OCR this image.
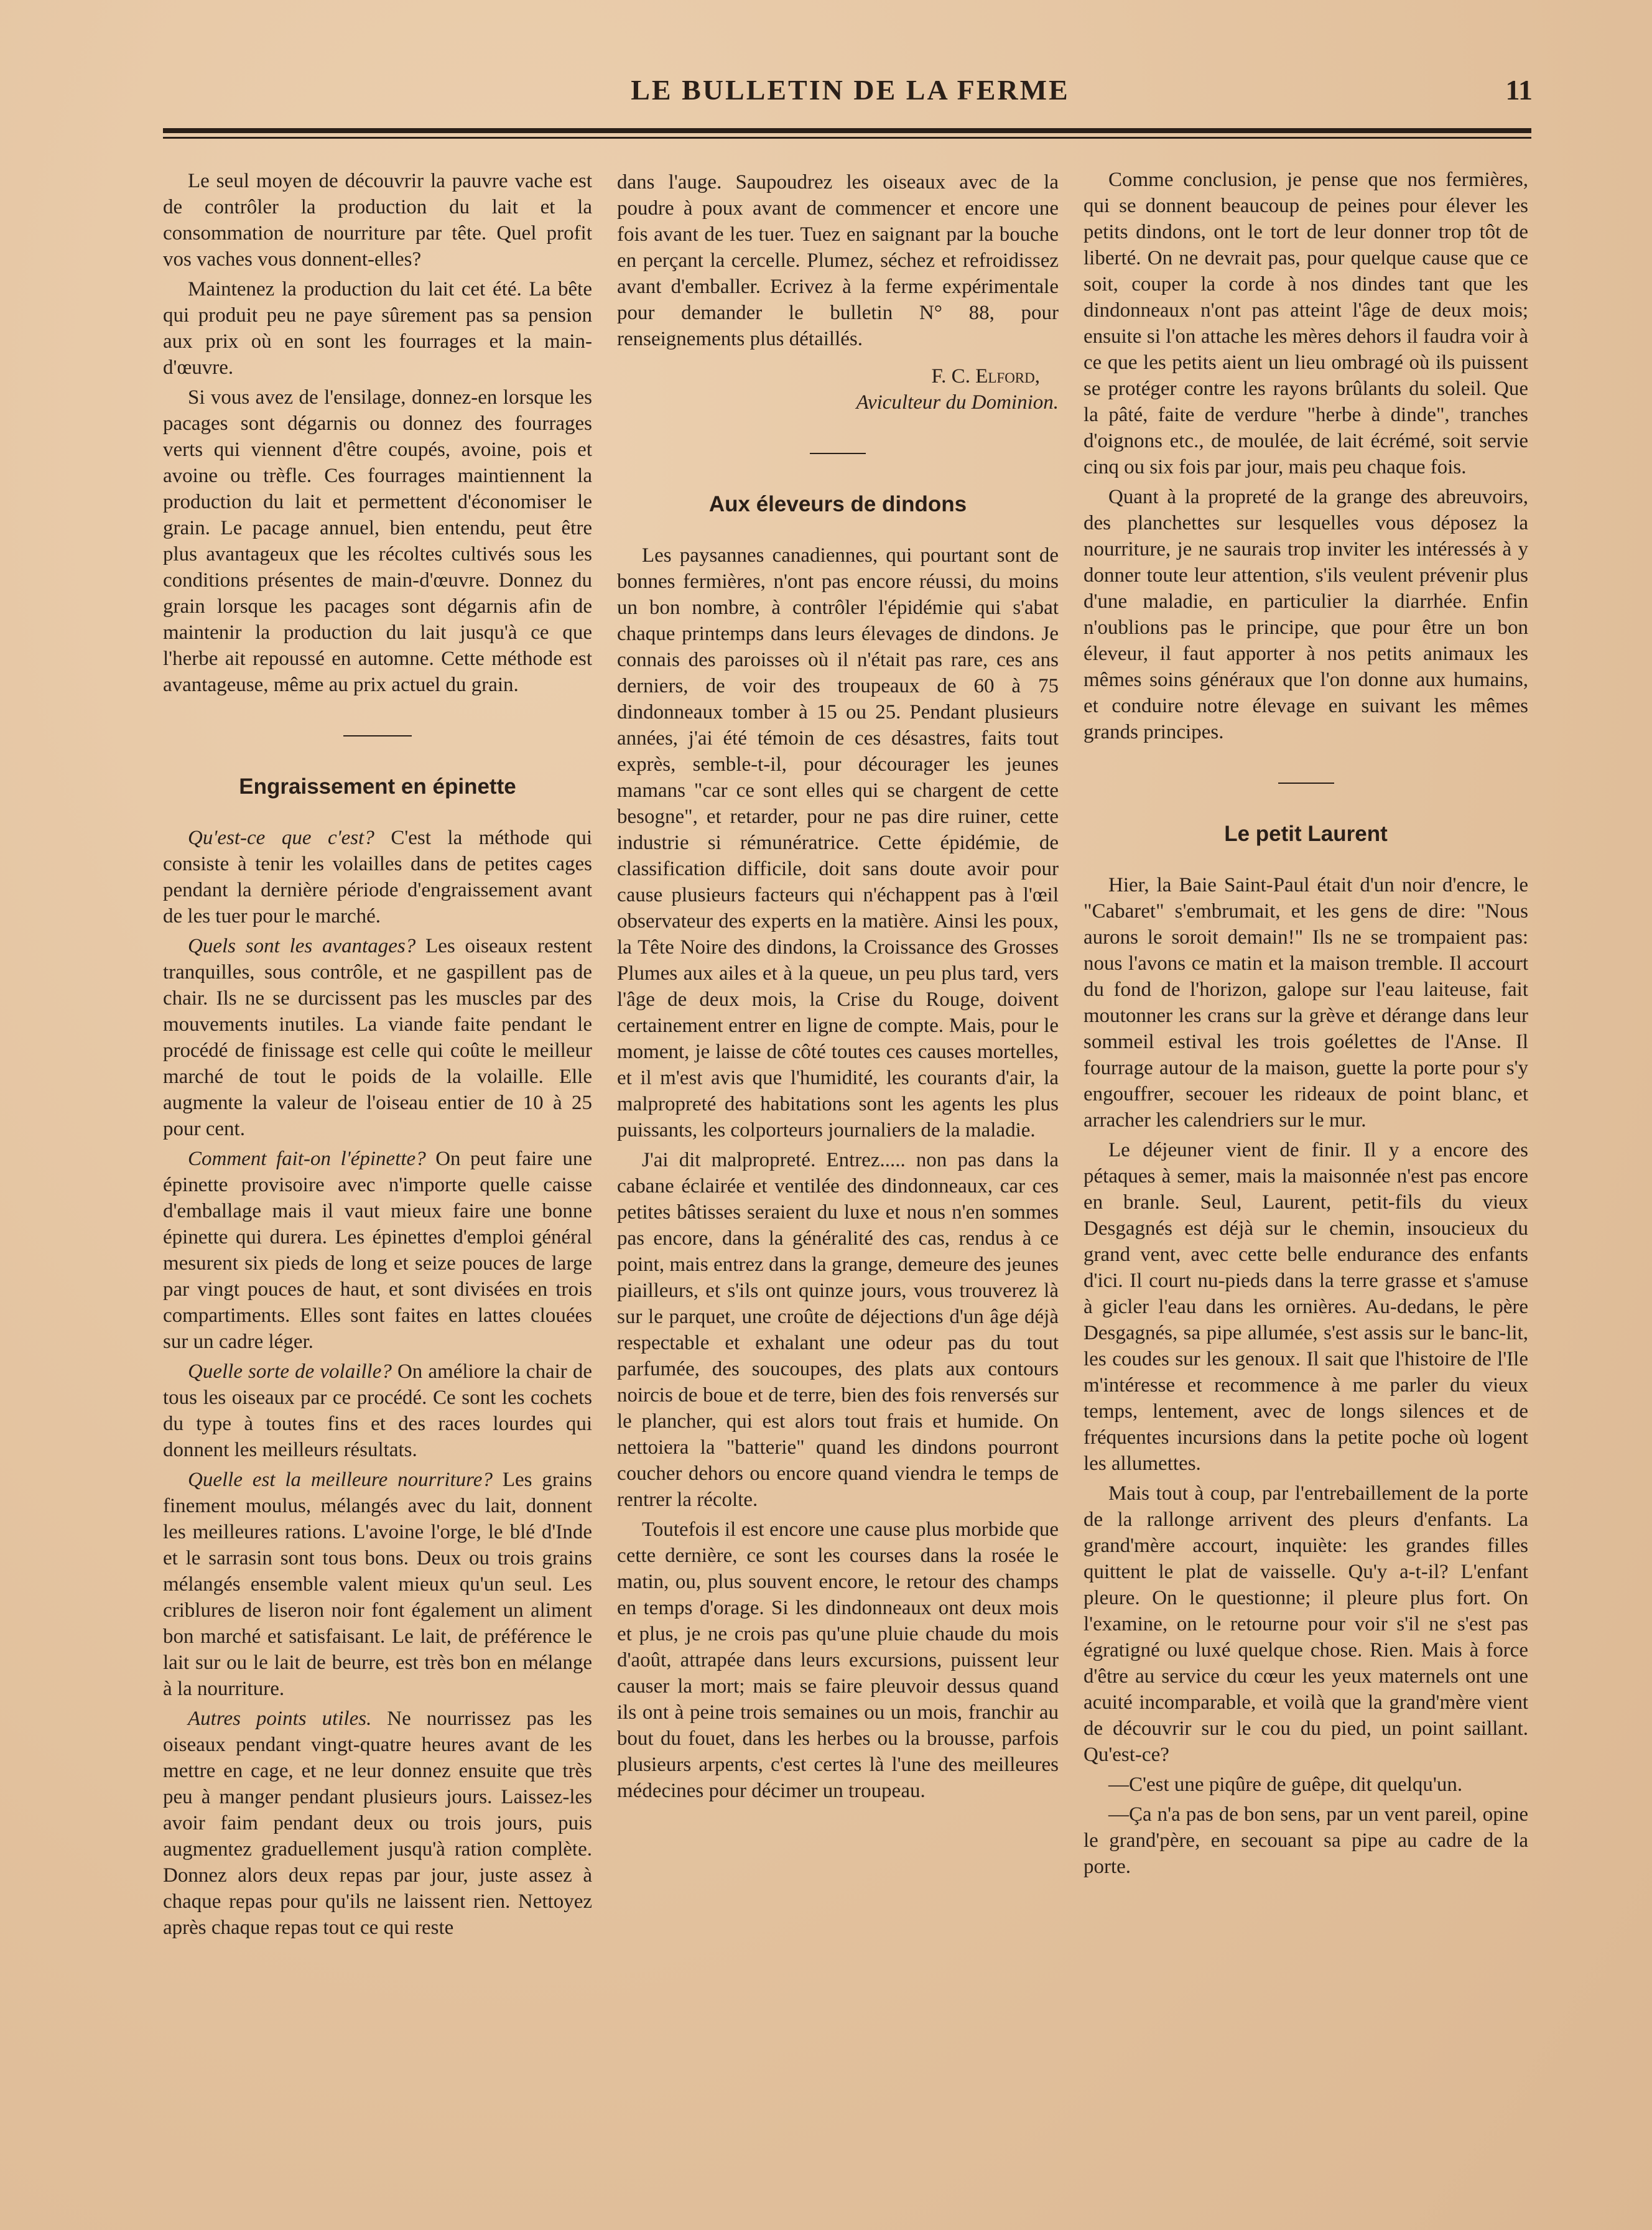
LE BULLETIN DE LA FERME	11

Le seul moyen de découvrir la pauvre vache est de contrôler la production du lait et la consommation de nourriture par tête. Quel profit vos vaches vous donnent-elles?

Maintenez la production du lait cet été. La bête qui produit peu ne paye sûrement pas sa pension aux prix où en sont les fourrages et la main-d'œuvre.

Si vous avez de l'ensilage, donnez-en lorsque les pacages sont dégarnis ou donnez des fourrages verts qui viennent d'être coupés, avoine, pois et avoine ou trèfle. Ces fourrages maintiennent la production du lait et permettent d'économiser le grain. Le pacage annuel, bien entendu, peut être plus avantageux que les récoltes cultivés sous les conditions présentes de main-d'œuvre. Donnez du grain lorsque les pacages sont dégarnis afin de maintenir la production du lait jusqu'à ce que l'herbe ait repoussé en automne. Cette méthode est avantageuse, même au prix actuel du grain.

Engraissement en épinette

Qu'est-ce que c'est? C'est la méthode qui consiste à tenir les volailles dans de petites cages pendant la dernière période d'engraissement avant de les tuer pour le marché.

Quels sont les avantages? Les oiseaux restent tranquilles, sous contrôle, et ne gaspillent pas de chair. Ils ne se durcissent pas les muscles par des mouvements inutiles. La viande faite pendant le procédé de finissage est celle qui coûte le meilleur marché de tout le poids de la volaille. Elle augmente la valeur de l'oiseau entier de 10 à 25 pour cent.

Comment fait-on l'épinette? On peut faire une épinette provisoire avec n'importe quelle caisse d'emballage mais il vaut mieux faire une bonne épinette qui durera. Les épinettes d'emploi général mesurent six pieds de long et seize pouces de large par vingt pouces de haut, et sont divisées en trois compartiments. Elles sont faites en lattes clouées sur un cadre léger.

Quelle sorte de volaille? On améliore la chair de tous les oiseaux par ce procédé. Ce sont les cochets du type à toutes fins et des races lourdes qui donnent les meilleurs résultats.

Quelle est la meilleure nourriture? Les grains finement moulus, mélangés avec du lait, donnent les meilleures rations. L'avoine l'orge, le blé d'Inde et le sarrasin sont tous bons. Deux ou trois grains mélangés ensemble valent mieux qu'un seul. Les criblures de liseron noir font également un aliment bon marché et satisfaisant. Le lait, de préférence le lait sur ou le lait de beurre, est très bon en mélange à la nourriture.

Autres points utiles. Ne nourrissez pas les oiseaux pendant vingt-quatre heures avant de les mettre en cage, et ne leur donnez ensuite que très peu à manger pendant plusieurs jours. Laissez-les avoir faim pendant deux ou trois jours, puis augmentez graduellement jusqu'à ration complète. Donnez alors deux repas par jour, juste assez à chaque repas pour qu'ils ne laissent rien. Nettoyez après chaque repas tout ce qui reste

dans l'auge. Saupoudrez les oiseaux avec de la poudre à poux avant de commencer et encore une fois avant de les tuer. Tuez en saignant par la bouche en perçant la cercelle. Plumez, séchez et refroidissez avant d'emballer. Ecrivez à la ferme expérimentale pour demander le bulletin N° 88, pour renseignements plus détaillés.

F. C. Elford,

Aviculteur du Dominion.

Aux éleveurs de dindons

Les paysannes canadiennes, qui pourtant sont de bonnes fermières, n'ont pas encore réussi, du moins un bon nombre, à contrôler l'épidémie qui s'abat chaque printemps dans leurs élevages de dindons. Je connais des paroisses où il n'était pas rare, ces ans derniers, de voir des troupeaux de 60 à 75 dindonneaux tomber à 15 ou 25. Pendant plusieurs années, j'ai été témoin de ces désastres, faits tout exprès, semble-t-il, pour décourager les jeunes mamans "car ce sont elles qui se chargent de cette besogne", et retarder, pour ne pas dire ruiner, cette industrie si rémunératrice. Cette épidémie, de classification difficile, doit sans doute avoir pour cause plusieurs facteurs qui n'échappent pas à l'œil observateur des experts en la matière. Ainsi les poux, la Tête Noire des dindons, la Croissance des Grosses Plumes aux ailes et à la queue, un peu plus tard, vers l'âge de deux mois, la Crise du Rouge, doivent certainement entrer en ligne de compte. Mais, pour le moment, je laisse de côté toutes ces causes mortelles, et il m'est avis que l'humidité, les courants d'air, la malpropreté des habitations sont les agents les plus puissants, les colporteurs journaliers de la maladie.

J'ai dit malpropreté. Entrez..... non pas dans la cabane éclairée et ventilée des dindonneaux, car ces petites bâtisses seraient du luxe et nous n'en sommes pas encore, dans la généralité des cas, rendus à ce point, mais entrez dans la grange, demeure des jeunes piailleurs, et s'ils ont quinze jours, vous trouverez là sur le parquet, une croûte de déjections d'un âge déjà respectable et exhalant une odeur pas du tout parfumée, des soucoupes, des plats aux contours noircis de boue et de terre, bien des fois renversés sur le plancher, qui est alors tout frais et humide. On nettoiera la "batterie" quand les dindons pourront coucher dehors ou encore quand viendra le temps de rentrer la récolte.

Toutefois il est encore une cause plus morbide que cette dernière, ce sont les courses dans la rosée le matin, ou, plus souvent encore, le retour des champs en temps d'orage. Si les dindonneaux ont deux mois et plus, je ne crois pas qu'une pluie chaude du mois d'août, attrapée dans leurs excursions, puissent leur causer la mort; mais se faire pleuvoir dessus quand ils ont à peine trois semaines ou un mois, franchir au bout du fouet, dans les herbes ou la brousse, parfois plusieurs arpents, c'est certes là l'une des meilleures médecines pour décimer un troupeau.

Comme conclusion, je pense que nos fermières, qui se donnent beaucoup de peines pour élever les petits dindons, ont le tort de leur donner trop tôt de liberté. On ne devrait pas, pour quelque cause que ce soit, couper la corde à nos dindes tant que les dindonneaux n'ont pas atteint l'âge de deux mois; ensuite si l'on attache les mères dehors il faudra voir à ce que les petits aient un lieu ombragé où ils puissent se protéger contre les rayons brûlants du soleil. Que la pâté, faite de verdure "herbe à dinde", tranches d'oignons etc., de moulée, de lait écrémé, soit servie cinq ou six fois par jour, mais peu chaque fois.

Quant à la propreté de la grange des abreuvoirs, des planchettes sur lesquelles vous déposez la nourriture, je ne saurais trop inviter les intéressés à y donner toute leur attention, s'ils veulent prévenir plus d'une maladie, en particulier la diarrhée. Enfin n'oublions pas le principe, que pour être un bon éleveur, il faut apporter à nos petits animaux les mêmes soins généraux que l'on donne aux humains, et conduire notre élevage en suivant les mêmes grands principes.

Le petit Laurent

Hier, la Baie Saint-Paul était d'un noir d'encre, le "Cabaret" s'embrumait, et les gens de dire: "Nous aurons le soroit demain!" Ils ne se trompaient pas: nous l'avons ce matin et la maison tremble. Il accourt du fond de l'horizon, galope sur l'eau laiteuse, fait moutonner les crans sur la grève et dérange dans leur sommeil estival les trois goélettes de l'Anse. Il fourrage autour de la maison, guette la porte pour s'y engouffrer, secouer les rideaux de point blanc, et arracher les calendriers sur le mur.

Le déjeuner vient de finir. Il y a encore des pétaques à semer, mais la maisonnée n'est pas encore en branle. Seul, Laurent, petit-fils du vieux Desgagnés est déjà sur le chemin, insoucieux du grand vent, avec cette belle endurance des enfants d'ici. Il court nu-pieds dans la terre grasse et s'amuse à gicler l'eau dans les ornières. Au-dedans, le père Desgagnés, sa pipe allumée, s'est assis sur le banc-lit, les coudes sur les genoux. Il sait que l'histoire de l'Ile m'intéresse et recommence à me parler du vieux temps, lentement, avec de longs silences et de fréquentes incursions dans la petite poche où logent les allumettes.

Mais tout à coup, par l'entrebaillement de la porte de la rallonge arrivent des pleurs d'enfants. La grand'mère accourt, inquiète: les grandes filles quittent le plat de vaisselle. Qu'y a-t-il? L'enfant pleure. On le questionne; il pleure plus fort. On l'examine, on le retourne pour voir s'il ne s'est pas égratigné ou luxé quelque chose. Rien. Mais à force d'être au service du cœur les yeux maternels ont une acuité incomparable, et voilà que la grand'mère vient de découvrir sur le cou du pied, un point saillant. Qu'est-ce?

—C'est une piqûre de guêpe, dit quelqu'un.

—Ça n'a pas de bon sens, par un vent pareil, opine le grand'père, en secouant sa pipe au cadre de la porte.
